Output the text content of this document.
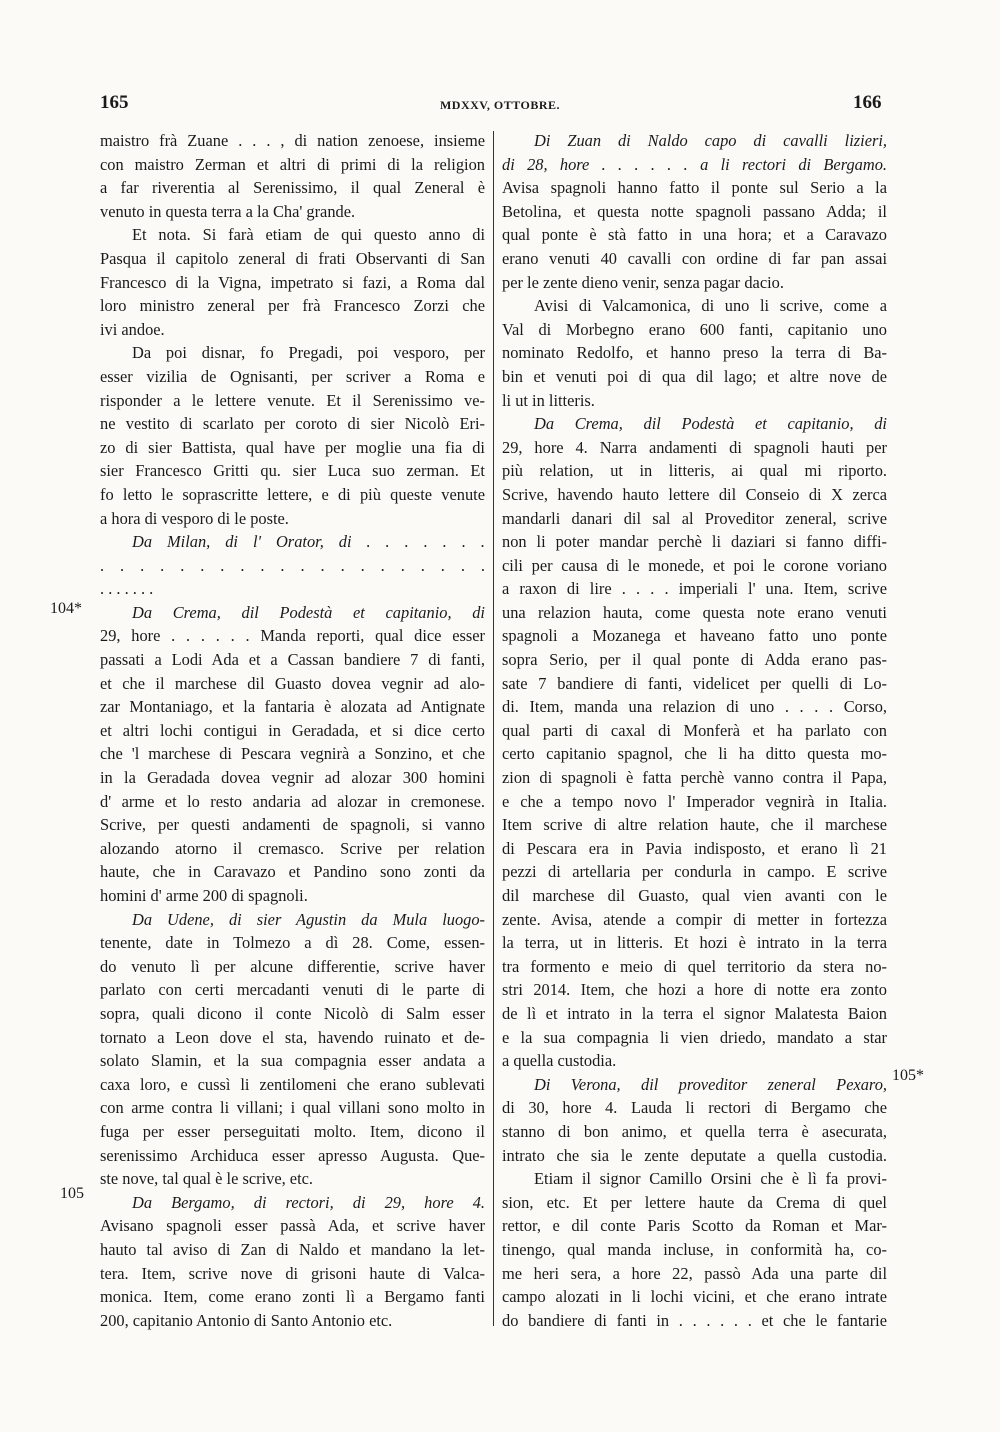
165	MDXXV, OTTOBRE.	166
maistro frà Zuane . . . , di nation zenoese, insieme
con maistro Zerman et altri di primi di la religion
a far riverentia al Serenissimo, il qual Zeneral è
venuto in questa terra a la Cha' grande.
Et nota. Si farà etiam de qui questo anno di
Pasqua il capitolo zeneral di frati Observanti di San
Francesco di la Vigna, impetrato si fazi, a Roma dal
loro ministro zeneral per frà Francesco Zorzi che
ivi andoe.
Da poi disnar, fo Pregadi, poi vesporo, per
esser vizilia de Ognisanti, per scriver a Roma e
risponder a le lettere venute. Et il Serenissimo ve-
ne vestito di scarlato per coroto di sier Nicolò Eri-
zo di sier Battista, qual have per moglie una fia di
sier Francesco Gritti qu. sier Luca suo zerman. Et
fo letto le soprascritte lettere, e di più queste venute
a hora di vesporo di le poste.
Da Milan, di l' Orator, di . . . . . . .
. . . . . . . . . . . . . . . . . . . .
. . . . . . .
Da Crema, dil Podestà et capitanio, di
29, hore . . . . . . Manda reporti, qual dice esser
passati a Lodi Ada et a Cassan bandiere 7 di fanti,
et che il marchese dil Guasto dovea vegnir ad alo-
zar Montaniago, et la fantaria è alozata ad Antignate
et altri lochi contigui in Geradada, et si dice certo
che 'l marchese di Pescara vegnirà a Sonzino, et che
in la Geradada dovea vegnir ad alozar 300 homini
d' arme et lo resto andaria ad alozar in cremonese.
Scrive, per questi andamenti de spagnoli, si vanno
alozando atorno il cremasco. Scrive per relation
haute, che in Caravazo et Pandino sono zonti da
homini d' arme 200 di spagnoli.
Da Udene, di sier Agustin da Mula luogo-
tenente, date in Tolmezo a dì 28. Come, essen-
do venuto lì per alcune differentie, scrive haver
parlato con certi mercadanti venuti di le parte di
sopra, quali dicono il conte Nicolò di Salm esser
tornato a Leon dove el sta, havendo ruinato et de-
solato Slamin, et la sua compagnia esser andata a
caxa loro, e cussì li zentilomeni che erano sublevati
con arme contra li villani; i qual villani sono molto in
fuga per esser perseguitati molto. Item, dicono il
serenissimo Archiduca esser apresso Augusta. Que-
ste nove, tal qual è le scrive, etc.
Da Bergamo, di rectori, di 29, hore 4.
Avisano spagnoli esser passà Ada, et scrive haver
hauto tal aviso di Zan di Naldo et mandano la let-
tera. Item, scrive nove di grisoni haute di Valca-
monica. Item, come erano zonti lì a Bergamo fanti
200, capitanio Antonio di Santo Antonio etc.
Di Zuan di Naldo capo di cavalli lizieri,
di 28, hore . . . . . . a li rectori di Bergamo.
Avisa spagnoli hanno fatto il ponte sul Serio a la
Betolina, et questa notte spagnoli passano Adda; il
qual ponte è stà fatto in una hora; et a Caravazo
erano venuti 40 cavalli con ordine di far pan assai
per le zente dieno venir, senza pagar dacio.
Avisi di Valcamonica, di uno li scrive, come a
Val di Morbegno erano 600 fanti, capitanio uno
nominato Redolfo, et hanno preso la terra di Ba-
bin et venuti poi di qua dil lago; et altre nove de
li ut in litteris.
Da Crema, dil Podestà et capitanio, di
29, hore 4. Narra andamenti di spagnoli hauti per
più relation, ut in litteris, ai qual mi riporto.
Scrive, havendo hauto lettere dil Conseio di X zerca
mandarli danari dil sal al Proveditor zeneral, scrive
non li poter mandar perchè li daziari si fanno diffi-
cili per causa di le monede, et poi le corone voriano
a raxon di lire . . . . imperiali l' una. Item, scrive
una relazion hauta, come questa note erano venuti
spagnoli a Mozanega et haveano fatto uno ponte
sopra Serio, per il qual ponte di Adda erano pas-
sate 7 bandiere di fanti, videlicet per quelli di Lo-
di. Item, manda una relazion di uno . . . . Corso,
qual parti di caxal di Monferà et ha parlato con
certo capitanio spagnol, che li ha ditto questa mo-
zion di spagnoli è fatta perchè vanno contra il Papa,
e che a tempo novo l' Imperador vegnirà in Italia.
Item scrive di altre relation haute, che il marchese
di Pescara era in Pavia indisposto, et erano lì 21
pezzi di artellaria per condurla in campo. E scrive
dil marchese dil Guasto, qual vien avanti con le
zente. Avisa, atende a compir di metter in fortezza
la terra, ut in litteris. Et hozi è intrato in la terra
tra formento e meio di quel territorio da stera no-
stri 2014. Item, che hozi a hore di notte era zonto
de lì et intrato in la terra el signor Malatesta Baion
e la sua compagnia li vien driedo, mandato a star
a quella custodia.
Di Verona, dil proveditor zeneral Pexaro,
di 30, hore 4. Lauda li rectori di Bergamo che
stanno di bon animo, et quella terra è asecurata,
intrato che sia le zente deputate a quella custodia.
Etiam il signor Camillo Orsini che è lì fa provi-
sion, etc. Et per lettere haute da Crema di quel
rettor, e dil conte Paris Scotto da Roman et Mar-
tinengo, qual manda incluse, in conformità ha, co-
me heri sera, a hore 22, passò Ada una parte dil
campo alozati in li lochi vicini, et che erano intrate
do bandiere di fanti in . . . . . . et che le fantarie
104*
105
105*
